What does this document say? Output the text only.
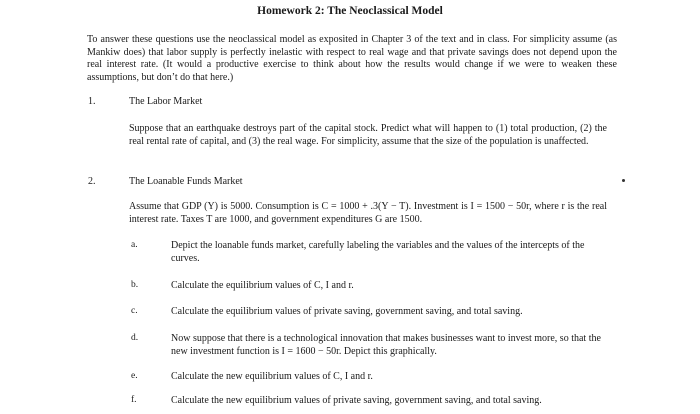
Homework 2: The Neoclassical Model
To answer these questions use the neoclassical model as exposited in Chapter 3 of the text and in class. For simplicity assume (as Mankiw does) that labor supply is perfectly inelastic with respect to real wage and that private savings does not depend upon the real interest rate. (It would a productive exercise to think about how the results would change if we were to weaken these assumptions, but don’t do that here.)
1.	The Labor Market
Suppose that an earthquake destroys part of the capital stock. Predict what will happen to (1) total production, (2) the real rental rate of capital, and (3) the real wage. For simplicity, assume that the size of the population is unaffected.
2.	The Loanable Funds Market
Assume that GDP (Y) is 5000. Consumption is C = 1000 + .3(Y − T). Investment is I = 1500 − 50r, where r is the real interest rate. Taxes T are 1000, and government expenditures G are 1500.
a.	Depict the loanable funds market, carefully labeling the variables and the values of the intercepts of the curves.
b.	Calculate the equilibrium values of C, I and r.
c.	Calculate the equilibrium values of private saving, government saving, and total saving.
d.	Now suppose that there is a technological innovation that makes businesses want to invest more, so that the new investment function is I = 1600 − 50r. Depict this graphically.
e.	Calculate the new equilibrium values of C, I and r.
f.	Calculate the new equilibrium values of private saving, government saving, and total saving.
